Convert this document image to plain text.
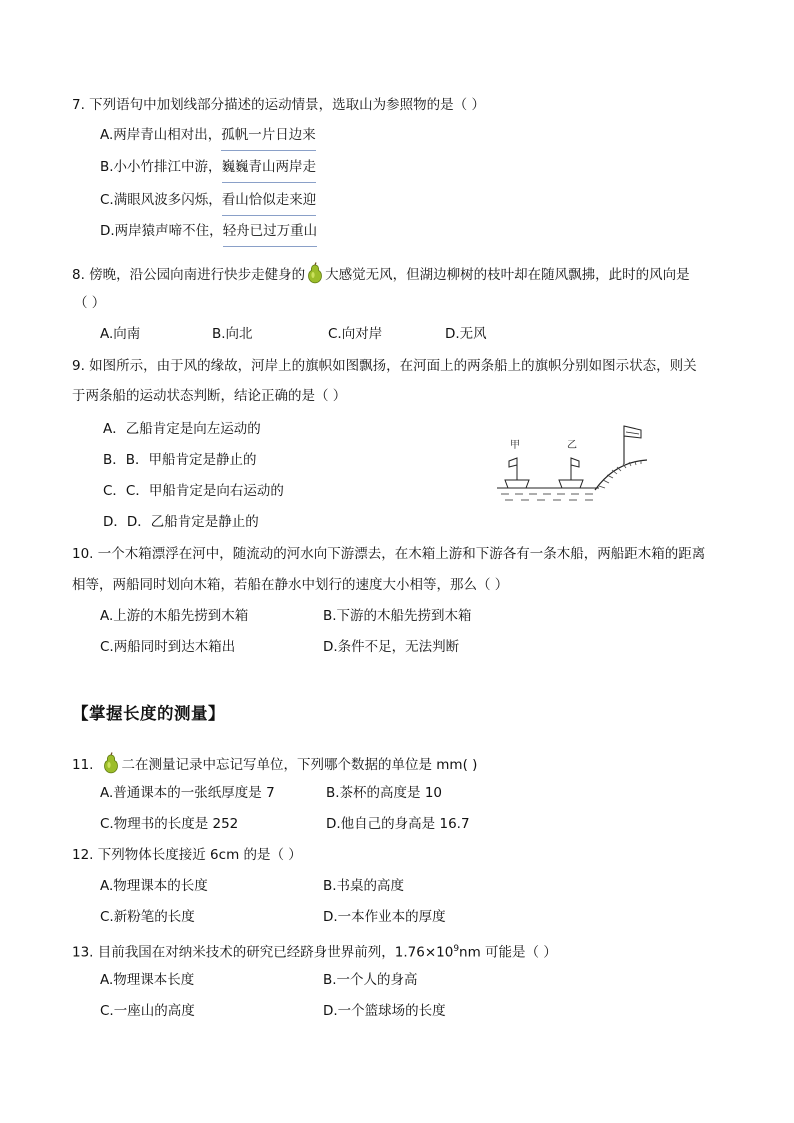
7. 下列语句中加划线部分描述的运动情景，选取山为参照物的是（ ）
A.两岸青山相对出，孤帆一片日边来
B.小小竹排江中游，巍巍青山两岸走
C.满眼风波多闪烁，看山恰似走来迎
D.两岸猿声啼不住，轻舟已过万重山
8. 傍晚，沿公园向南进行快步走健身的 大感觉无风，但湖边柳树的枝叶却在随风飘拂，此时的风向是
（ ）
A.向南	B.向北	C.向对岸	D.无风
9. 如图所示，由于风的缘故，河岸上的旗帜如图飘扬，在河面上的两条船上的旗帜分别如图示状态，则关
于两条船的运动状态判断，结论正确的是（ ）
A．乙船肯定是向左运动的
B．B．甲船肯定是静止的
C．C．甲船肯定是向右运动的
D．D．乙船肯定是静止的
甲	乙
10. 一个木箱漂浮在河中，随流动的河水向下游漂去，在木箱上游和下游各有一条木船，两船距木箱的距离
相等，两船同时划向木箱，若船在静水中划行的速度大小相等，那么（ ）
A.上游的木船先捞到木箱	B.下游的木船先捞到木箱
C.两船同时到达木箱出	D.条件不足，无法判断
【掌握长度的测量】
11. 二在测量记录中忘记写单位，下列哪个数据的单位是 mm( )
A.普通课本的一张纸厚度是 7	B.茶杯的高度是 10
C.物理书的长度是 252	D.他自己的身高是 16.7
12. 下列物体长度接近 6cm 的是（ ）
A.物理课本的长度	B.书桌的高度
C.新粉笔的长度	D.一本作业本的厚度
13. 目前我国在对纳米技术的研究已经跻身世界前列，$1.76\times 10^9nm$ 可能是（ ）
A.物理课本长度	B.一个人的身高
C.一座山的高度	D.一个篮球场的长度
